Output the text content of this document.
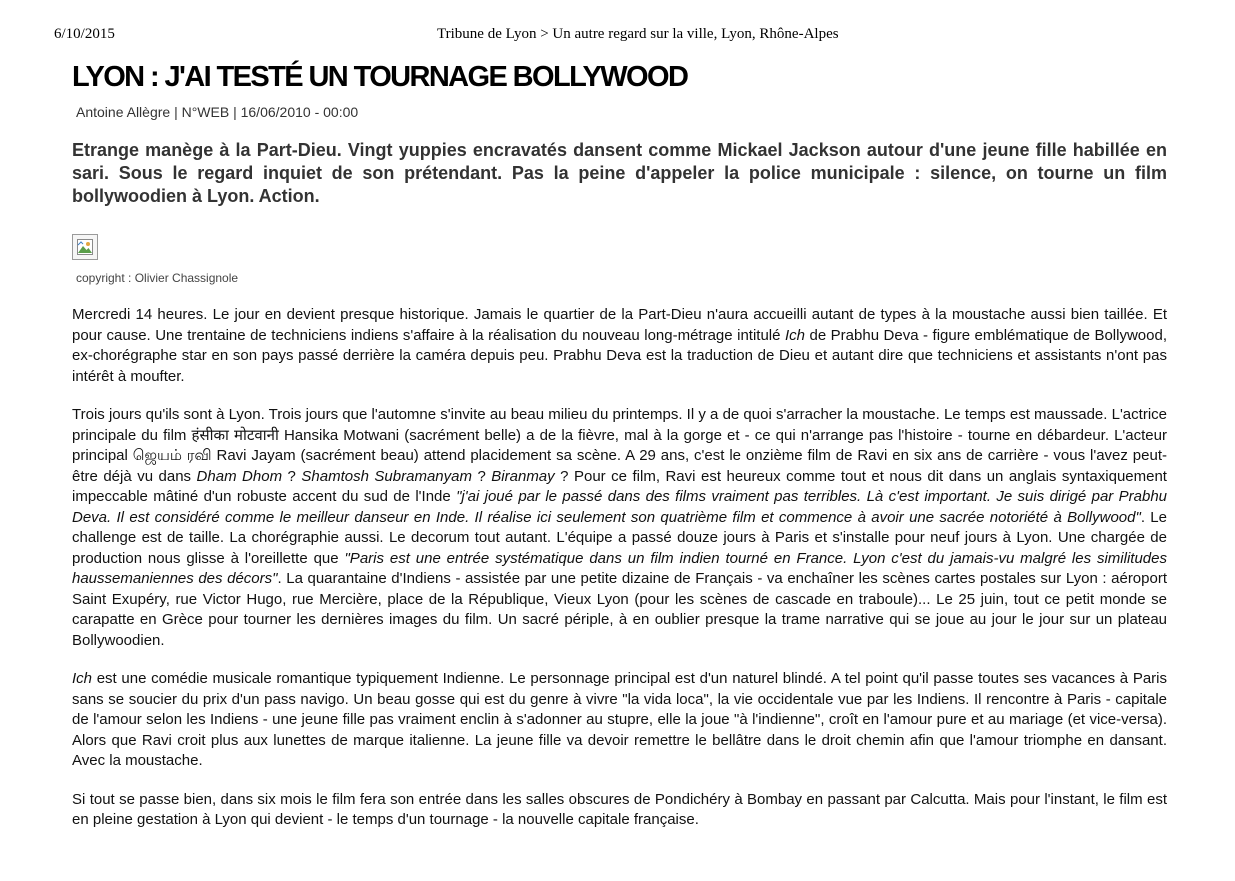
6/10/2015	Tribune de Lyon > Un autre regard sur la ville, Lyon, Rhône-Alpes
LYON : J'AI TESTÉ UN TOURNAGE BOLLYWOOD
Antoine Allègre | N°WEB | 16/06/2010 - 00:00
Etrange manège à la Part-Dieu. Vingt yuppies encravatés dansent comme Mickael Jackson autour d'une jeune fille habillée en sari. Sous le regard inquiet de son prétendant. Pas la peine d'appeler la police municipale : silence, on tourne un film bollywoodien à Lyon. Action.
copyright : Olivier Chassignole

Mercredi 14 heures. Le jour en devient presque historique. Jamais le quartier de la Part-Dieu n'aura accueilli autant de types à la moustache aussi bien taillée. Et pour cause. Une trentaine de techniciens indiens s'affaire à la réalisation du nouveau long-métrage intitulé Ich de Prabhu Deva - figure emblématique de Bollywood, ex-chorégraphe star en son pays passé derrière la caméra depuis peu. Prabhu Deva est la traduction de Dieu et autant dire que techniciens et assistants n'ont pas intérêt à moufter.

Trois jours qu'ils sont à Lyon. Trois jours que l'automne s'invite au beau milieu du printemps. Il y a de quoi s'arracher la moustache. Le temps est maussade. L'actrice principale du film हंसीका मोटवानी Hansika Motwani (sacrément belle) a de la fièvre, mal à la gorge et - ce qui n'arrange pas l'histoire - tourne en débardeur. L'acteur principal ஜெயம் ரவி Ravi Jayam (sacrément beau) attend placidement sa scène. A 29 ans, c'est le onzième film de Ravi en six ans de carrière - vous l'avez peut-être déjà vu dans Dham Dhom ? Shamtosh Subramanyam ? Biranmay ? Pour ce film, Ravi est heureux comme tout et nous dit dans un anglais syntaxiquement impeccable mâtiné d'un robuste accent du sud de l'Inde "j'ai joué par le passé dans des films vraiment pas terribles. Là c'est important. Je suis dirigé par Prabhu Deva. Il est considéré comme le meilleur danseur en Inde. Il réalise ici seulement son quatrième film et commence à avoir une sacrée notoriété à Bollywood". Le challenge est de taille. La chorégraphie aussi. Le decorum tout autant. L'équipe a passé douze jours à Paris et s'installe pour neuf jours à Lyon. Une chargée de production nous glisse à l'oreillette que "Paris est une entrée systématique dans un film indien tourné en France. Lyon c'est du jamais-vu malgré les similitudes haussemaniennes des décors". La quarantaine d'Indiens - assistée par une petite dizaine de Français - va enchaîner les scènes cartes postales sur Lyon : aéroport Saint Exupéry, rue Victor Hugo, rue Mercière, place de la République, Vieux Lyon (pour les scènes de cascade en traboule)... Le 25 juin, tout ce petit monde se carapatte en Grèce pour tourner les dernières images du film. Un sacré périple, à en oublier presque la trame narrative qui se joue au jour le jour sur un plateau Bollywoodien.

Ich est une comédie musicale romantique typiquement Indienne. Le personnage principal est d'un naturel blindé. A tel point qu'il passe toutes ses vacances à Paris sans se soucier du prix d'un pass navigo. Un beau gosse qui est du genre à vivre "la vida loca", la vie occidentale vue par les Indiens. Il rencontre à Paris - capitale de l'amour selon les Indiens - une jeune fille pas vraiment enclin à s'adonner au stupre, elle la joue "à l'indienne", croît en l'amour pure et au mariage (et vice-versa). Alors que Ravi croit plus aux lunettes de marque italienne. La jeune fille va devoir remettre le bellâtre dans le droit chemin afin que l'amour triomphe en dansant. Avec la moustache.

Si tout se passe bien, dans six mois le film fera son entrée dans les salles obscures de Pondichéry à Bombay en passant par Calcutta. Mais pour l'instant, le film est en pleine gestation à Lyon qui devient - le temps d'un tournage - la nouvelle capitale française.
